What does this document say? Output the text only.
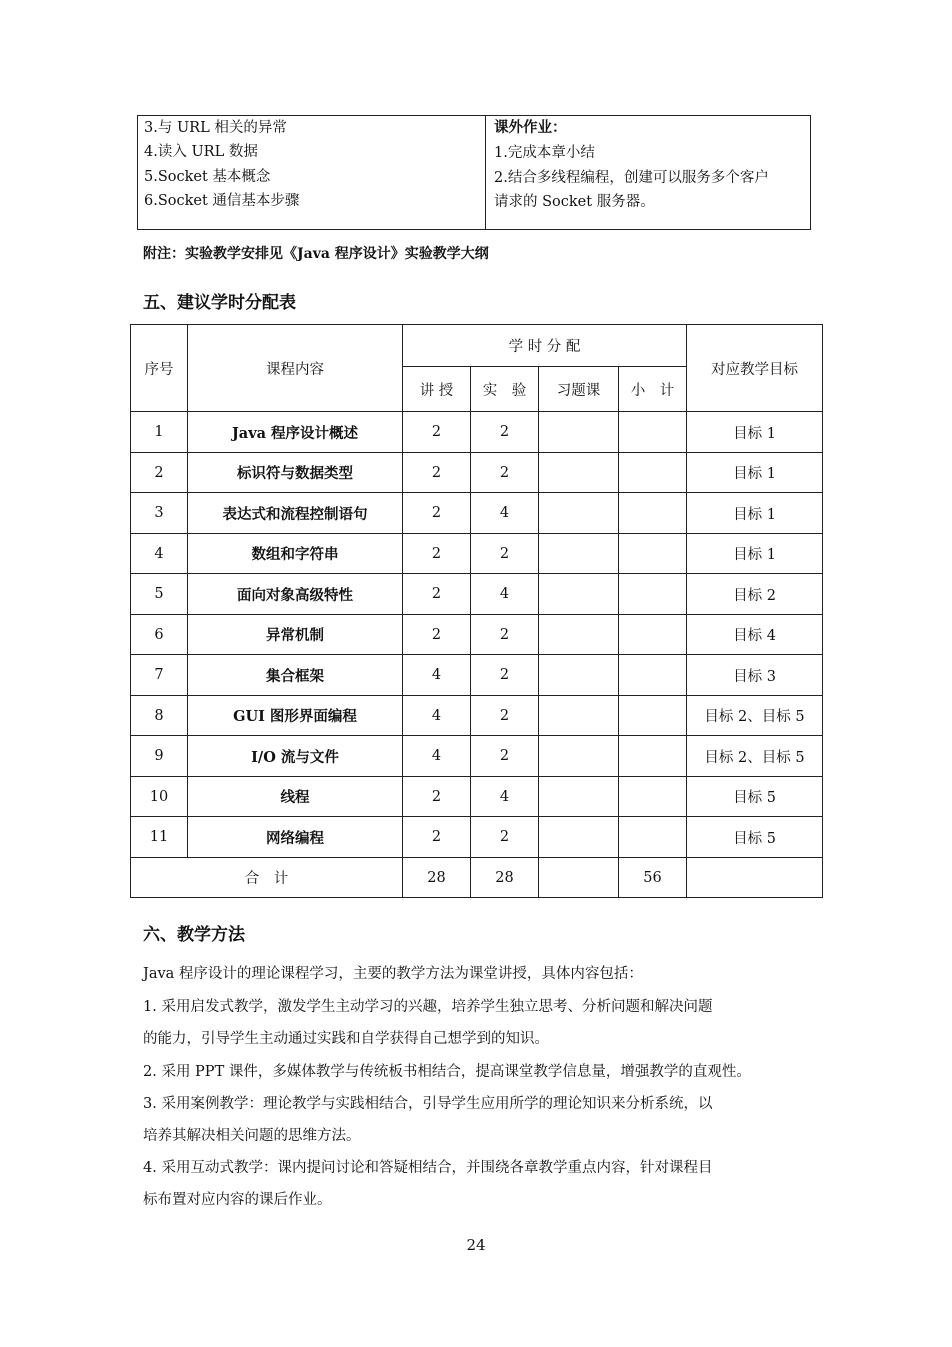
3.与 URL 相关的异常
4.读入 URL 数据
5.Socket 基本概念
6.Socket 通信基本步骤
课外作业：
1.完成本章小结
2.结合多线程编程，创建可以服务多个客户
请求的 Socket 服务器。
附注：实验教学安排见《Java 程序设计》实验教学大纲
五、建议学时分配表
序号	课程内容	学 时 分 配				对应教学目标
		讲 授	实　验	习题课	小　计	
1	Java 程序设计概述	2	2			目标 1
2	标识符与数据类型	2	2			目标 1
3	表达式和流程控制语句	2	4			目标 1
4	数组和字符串	2	2			目标 1
5	面向对象高级特性	2	4			目标 2
6	异常机制	2	2			目标 4
7	集合框架	4	2			目标 3
8	GUI 图形界面编程	4	2			目标 2、目标 5
9	I/O 流与文件	4	2			目标 2、目标 5
10	线程	2	4			目标 5
11	网络编程	2	2			目标 5
合　计		28	28		56	
六、教学方法
Java 程序设计的理论课程学习，主要的教学方法为课堂讲授，具体内容包括：
1. 采用启发式教学，激发学生主动学习的兴趣，培养学生独立思考、分析问题和解决问题
的能力，引导学生主动通过实践和自学获得自己想学到的知识。
2. 采用 PPT 课件，多媒体教学与传统板书相结合，提高课堂教学信息量，增强教学的直观性。
3. 采用案例教学：理论教学与实践相结合，引导学生应用所学的理论知识来分析系统，以
培养其解决相关问题的思维方法。
4. 采用互动式教学：课内提问讨论和答疑相结合，并围绕各章教学重点内容，针对课程目
标布置对应内容的课后作业。
24
